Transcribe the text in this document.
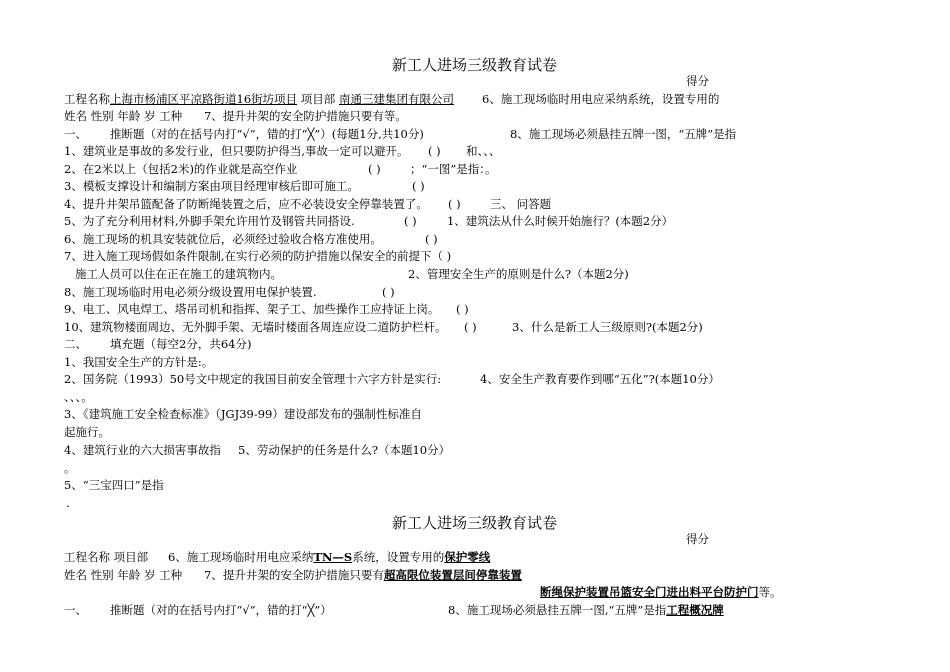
新工人进场三级教育试卷
得分
工程名称上海市杨浦区平凉路街道16街坊项目 项目部 南通三建集团有限公司 6、施工现场临时用电应采纳系统，设置专用的
姓名 性别 年龄 岁 工种 7、提升井架的安全防护措施只要有等。
一、 推断题（对的在括号内打“√”，错的打“╳”）(每题1分,共10分)	8、施工现场必须悬挂五牌一图，“五牌”是指
1、建筑业是事故的多发行业，但只要防护得当,事故一定可以避开。 ( ) 和、、、
2、在2米以上（包括2米)的作业就是高空作业	( )	；“一图”是指：。
3、模板支撑设计和编制方案由项目经理审核后即可施工。	( )
4、提升井架吊篮配备了防断绳装置之后，应不必装设安全停靠装置了。 ( )	三、 问答题
5、为了充分利用材料,外脚手架允许用竹及钢管共同搭设.	( )	1、建筑法从什么时候开始施行？(本题2分）
6、施工现场的机具安装就位后，必须经过验收合格方准使用。	( )
7、进入施工现场假如条件限制,在实行必须的防护措施以保安全的前提下（ )
施工人员可以住在正在施工的建筑物内。	2、管理安全生产的原则是什么?（本题2分)
8、施工现场临时用电必须分级设置用电保护装置.	( )
9、电工、风电焊工、塔吊司机和指挥、架子工、加些操作工应持证上岗。 ( )
10、建筑物楼面周边、无外脚手架、无墙时楼面各周连应设二道防护栏杆。 ( )	3、什么是新工人三级原则?(本题2分)
二、 填充题（每空2分，共64分)
1、我国安全生产的方针是:。
2、国务院（1993）50号文中规定的我国目前安全管理十六字方针是实行:	4、安全生产教育要作到哪“五化”?(本题10分）
、、、。
3、《建筑施工安全检查标准》（JGJ39-99）建设部发布的强制性标准自
起施行。
4、建筑行业的六大损害事故指 5、劳动保护的任务是什么?（本题10分）
。
5、“三宝四口”是指
.
新工人进场三级教育试卷
得分
工程名称 项目部 6、施工现场临时用电应采纳TN—S系统，设置专用的保护零线
姓名 性别 年龄 岁 工种 7、提升井架的安全防护措施只要有超高限位装置层间停靠装置
断绳保护装置吊篮安全门进出料平台防护门等。
一、 推断题（对的在括号内打“√”，错的打“╳”）	8、施工现场必须悬挂五牌一图,“五牌”是指工程概况牌
